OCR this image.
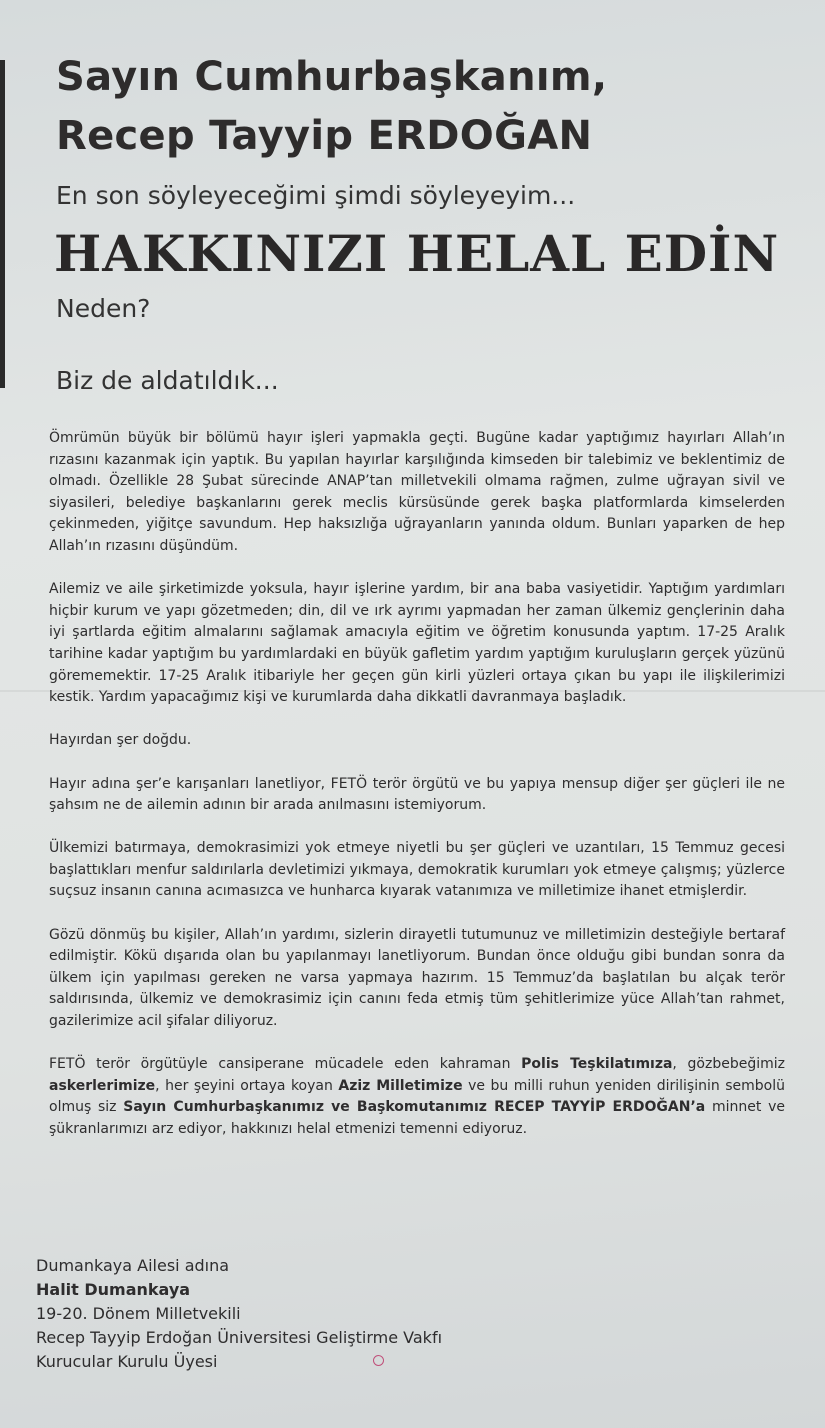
Sayın Cumhurbaşkanım,
Recep Tayyip ERDOĞAN
En son söyleyeceğimi şimdi söyleyeyim...
HAKKINIZI HELAL EDİN
Neden?
Biz de aldatıldık...

Ömrümün büyük bir bölümü hayır işleri yapmakla geçti. Bugüne kadar yaptığımız hayırları Allah’ın rızasını kazanmak için yaptık. Bu yapılan hayırlar karşılığında kimseden bir talebimiz ve beklentimiz de olmadı. Özellikle 28 Şubat sürecinde ANAP’tan milletvekili olmama rağmen, zulme uğrayan sivil ve siyasileri, belediye başkanlarını gerek meclis kürsüsünde gerek başka platformlarda kimselerden çekinmeden, yiğitçe savundum. Hep haksızlığa uğrayanların yanında oldum. Bunları yaparken de hep Allah’ın rızasını düşündüm.

Ailemiz ve aile şirketimizde yoksula, hayır işlerine yardım, bir ana baba vasiyetidir. Yaptığım yardımları hiçbir kurum ve yapı gözetmeden; din, dil ve ırk ayrımı yapmadan her zaman ülkemiz gençlerinin daha iyi şartlarda eğitim almalarını sağlamak amacıyla eğitim ve öğretim konusunda yaptım. 17-25 Aralık tarihine kadar yaptığım bu yardımlardaki en büyük gafletim yardım yaptığım kuruluşların gerçek yüzünü görememektir. 17-25 Aralık itibariyle her geçen gün kirli yüzleri ortaya çıkan bu yapı ile ilişkilerimizi kestik. Yardım yapacağımız kişi ve kurumlarda daha dikkatli davranmaya başladık.

Hayırdan şer doğdu.

Hayır adına şer’e karışanları lanetliyor, FETÖ terör örgütü ve bu yapıya mensup diğer şer güçleri ile ne şahsım ne de ailemin adının bir arada anılmasını istemiyorum.

Ülkemizi batırmaya, demokrasimizi yok etmeye niyetli bu şer güçleri ve uzantıları, 15 Temmuz gecesi başlattıkları menfur saldırılarla devletimizi yıkmaya, demokratik kurumları yok etmeye çalışmış; yüzlerce suçsuz insanın canına acımasızca ve hunharca kıyarak vatanımıza ve milletimize ihanet etmişlerdir.

Gözü dönmüş bu kişiler, Allah’ın yardımı, sizlerin dirayetli tutumunuz ve milletimizin desteğiyle bertaraf edilmiştir. Kökü dışarıda olan bu yapılanmayı lanetliyorum. Bundan önce olduğu gibi bundan sonra da ülkem için yapılması gereken ne varsa yapmaya hazırım. 15 Temmuz’da başlatılan bu alçak terör saldırısında, ülkemiz ve demokrasimiz için canını feda etmiş tüm şehitlerimize yüce Allah’tan rahmet, gazilerimize acil şifalar diliyoruz.

FETÖ terör örgütüyle cansiperane mücadele eden kahraman Polis Teşkilatımıza, gözbebeğimiz askerlerimize, her şeyini ortaya koyan Aziz Milletimize ve bu milli ruhun yeniden dirilişinin sembolü olmuş siz Sayın Cumhurbaşkanımız ve Başkomutanımız RECEP TAYYİP ERDOĞAN’a minnet ve şükranlarımızı arz ediyor, hakkınızı helal etmenizi temenni ediyoruz.

Dumankaya Ailesi adına
Halit Dumankaya
19-20. Dönem Milletvekili
Recep Tayyip Erdoğan Üniversitesi Geliştirme Vakfı
Kurucular Kurulu Üyesi
